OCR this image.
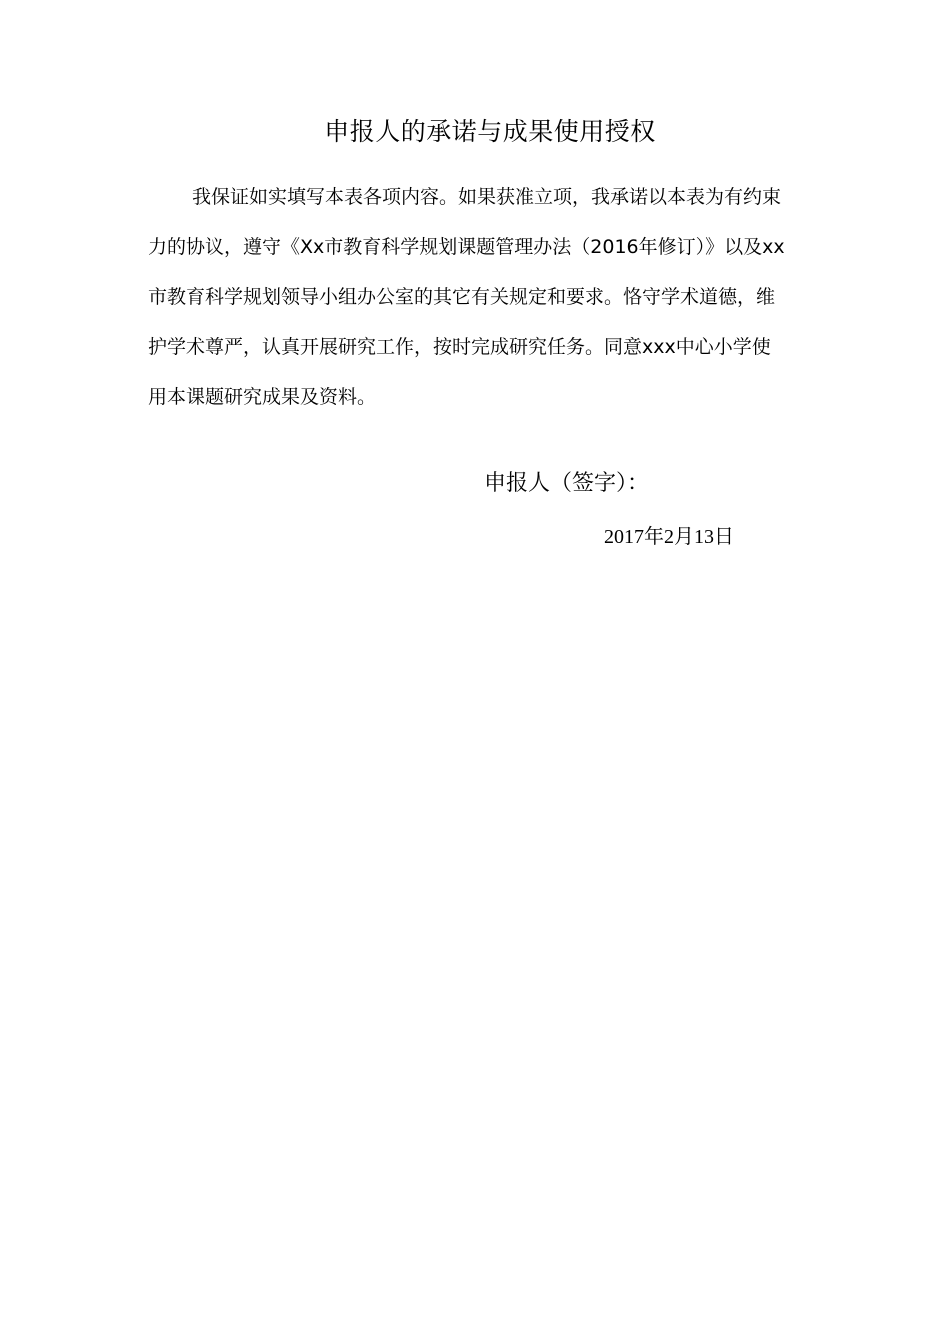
申报人的承诺与成果使用授权
我保证如实填写本表各项内容。如果获准立项，我承诺以本表为有约束
力的协议，遵守《Xx市教育科学规划课题管理办法（2016年修订）》以及xx
市教育科学规划领导小组办公室的其它有关规定和要求。恪守学术道德，维
护学术尊严，认真开展研究工作，按时完成研究任务。同意xxx中心小学使
用本课题研究成果及资料。
申报人（签字）：
2017年2月13日
